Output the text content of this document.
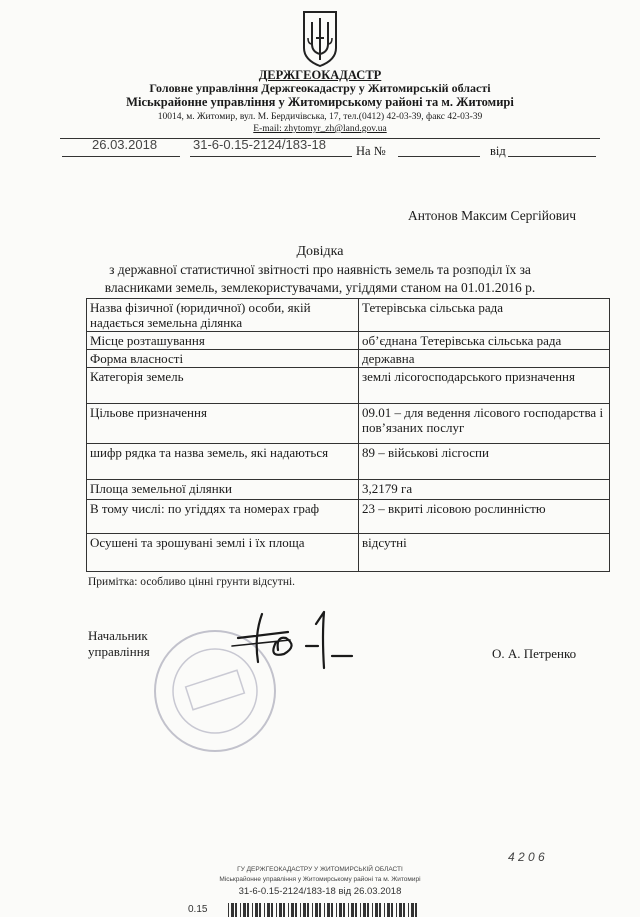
ДЕРЖГЕОКАДАСТР
Головне управління Держгеокадастру у Житомирській області
Міськрайонне управління у Житомирському районі та м. Житомирі
10014, м. Житомир, вул. М. Бердичівська, 17, тел.(0412) 42-03-39, факс 42-03-39
E-mail: zhytomyr_zh@land.gov.ua
26.03.2018	31-6-0.15-2124/183-18 На №	від
Антонов Максим Сергійович
Довідка
з державної статистичної звітності про наявність земель та розподіл їх за
власниками земель, землекористувачами, угіддями станом на 01.01.2016 р.
Назва фізичної (юридичної) особи, якій надається земельна ділянка	Тетерівська сільська рада
Місце розташування	об’єднана Тетерівська сільська рада
Форма власності	державна
Категорія земель	землі лісогосподарського призначення
Цільове призначення	09.01 – для ведення лісового господарства і пов’язаних послуг
шифр рядка та назва земель, які надаються	89 – військові лісгоспи
Площа земельної ділянки	3,2179 га
В тому числі: по угіддях та номерах граф	23 – вкриті лісовою рослинністю
Осушені та зрошувані землі і їх площа	відсутні
Примітка: особливо цінні грунти відсутні.
Начальник
управління	О. А. Петренко
4 2 0 6
ГУ ДЕРЖГЕОКАДАСТРУ У ЖИТОМИРСЬКІЙ ОБЛАСТІ
Міськрайонне управління у Житомирському районі та м. Житомирі
31-6-0.15-2124/183-18 від 26.03.2018
0.15
